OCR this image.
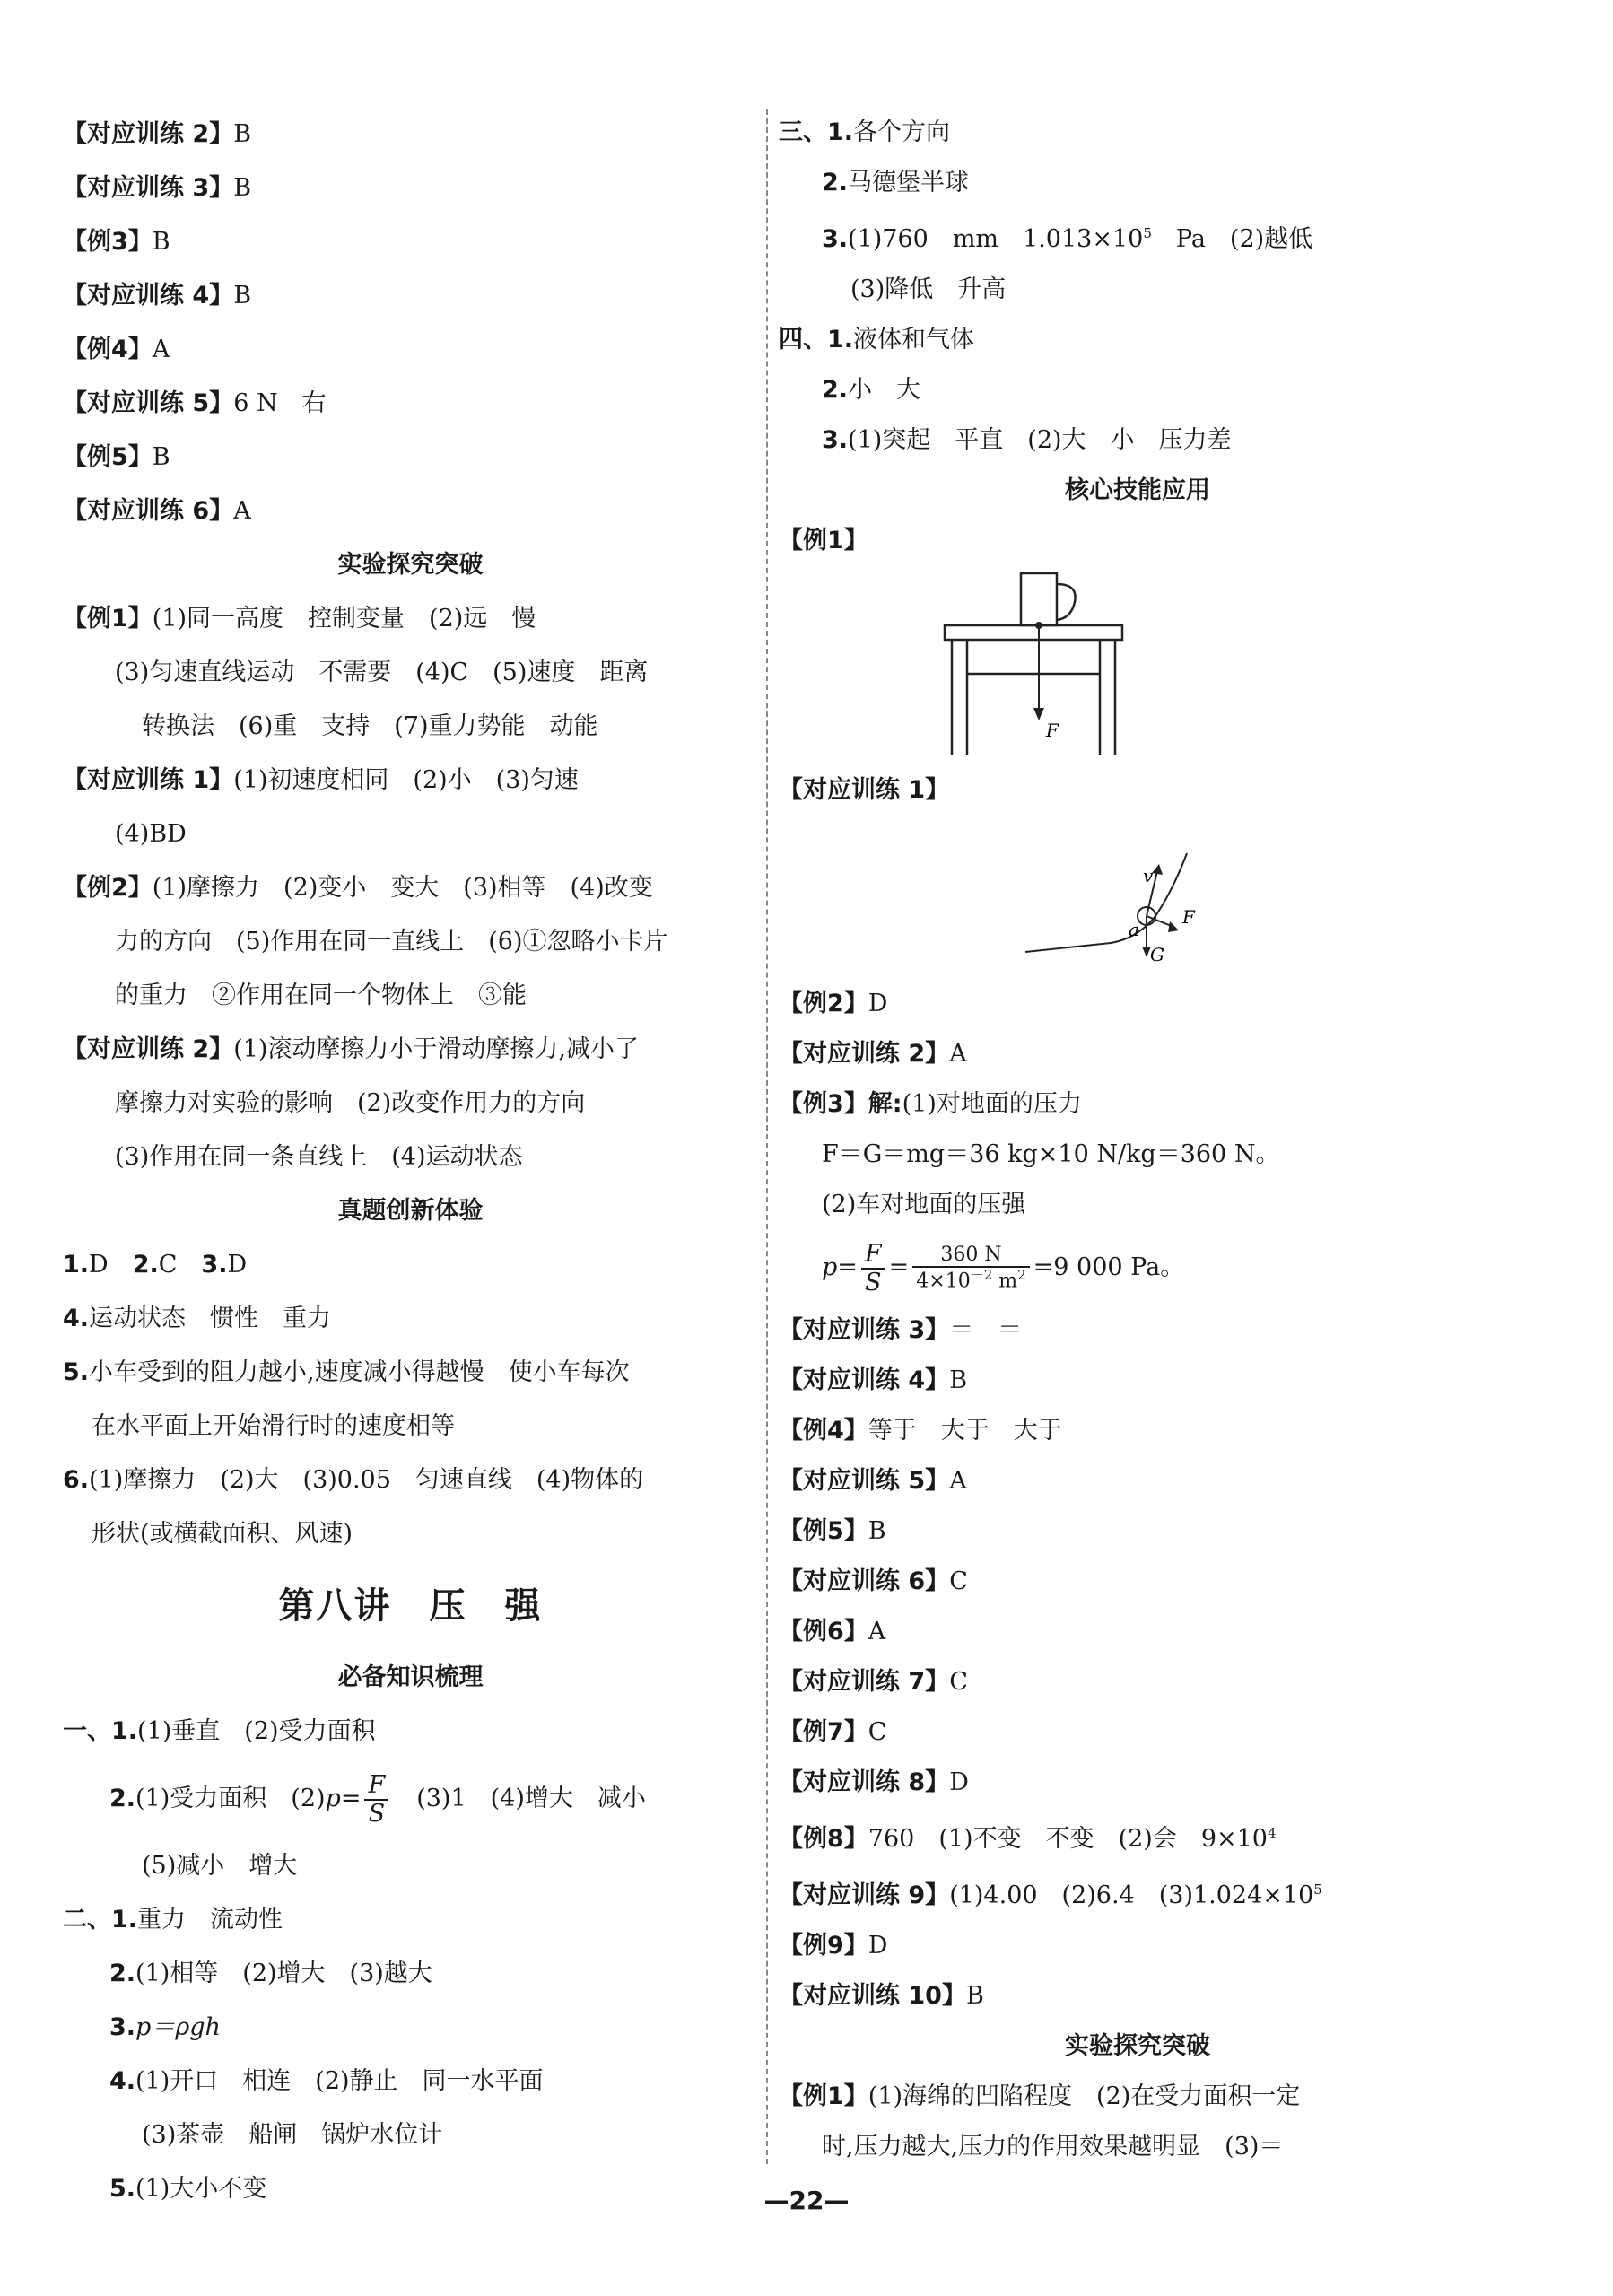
【对应训练 2】B
【对应训练 3】B
【例3】B
【对应训练 4】B
【例4】A
【对应训练 5】6 N　右
【例5】B
【对应训练 6】A
实验探究突破
【例1】(1)同一高度　控制变量　(2)远　慢
(3)匀速直线运动　不需要　(4)C　(5)速度　距离
转换法　(6)重　支持　(7)重力势能　动能
【对应训练 1】(1)初速度相同　(2)小　(3)匀速
(4)BD
【例2】(1)摩擦力　(2)变小　变大　(3)相等　(4)改变
力的方向　(5)作用在同一直线上　(6)①忽略小卡片
的重力　②作用在同一个物体上　③能
【对应训练 2】(1)滚动摩擦力小于滑动摩擦力,减小了
摩擦力对实验的影响　(2)改变作用力的方向
(3)作用在同一条直线上　(4)运动状态
真题创新体验
1.D　 2.C　 3.D
4.运动状态　惯性　重力
5.小车受到的阻力越小,速度减小得越慢　使小车每次
在水平面上开始滑行时的速度相等
6.(1)摩擦力　(2)大　(3)0.05　匀速直线　(4)物体的
形状(或横截面积、风速)
第八讲　压　强
必备知识梳理
一、1.(1)垂直　(2)受力面积
2.(1)受力面积　$(2)p= \frac{F}{S}$ 　(3)1　(4)增大　减小
(5)减小　增大
二、1.重力　流动性
2.(1)相等　(2)增大　(3)越大
3.p＝ρgh
4.(1)开口　相连　(2)静止　同一水平面
(3)茶壶　船闸　锅炉水位计
5.(1)大小不变
三、1.各个方向
2.马德堡半球
3.(1)760　mm　$1.013\times 10^5$　Pa　(2)越低
(3)降低　升高
四、1.液体和气体
2.小　大
3.(1)突起　平直　(2)大　小　压力差
核心技能应用
【例1】
F
【对应训练 1】
v
a
F
G
【例2】D
【对应训练 2】A
【例3】解:(1)对地面的压力
F＝G＝mg＝36 kg×10 N/kg＝360 N。
(2)车对地面的压强
$p= \frac{F}{S} = \frac{360 N}{4\times 10^{-2} m^2} =9$ 000 Pa。
【对应训练 3】＝　＝
【对应训练 4】B
【例4】等于　大于　大于
【对应训练 5】A
【例5】B
【对应训练 6】C
【例6】A
【对应训练 7】C
【例7】C
【对应训练 8】D
【例8】760　(1)不变　不变　(2)会　$9\times 10^4$
【对应训练 9】(1)4.00　(2)6.4　$(3)1.024\times 10^5$
【例9】D
【对应训练 10】B
实验探究突破
【例1】(1)海绵的凹陷程度　(2)在受力面积一定
时,压力越大,压力的作用效果越明显　(3)＝
—22—
